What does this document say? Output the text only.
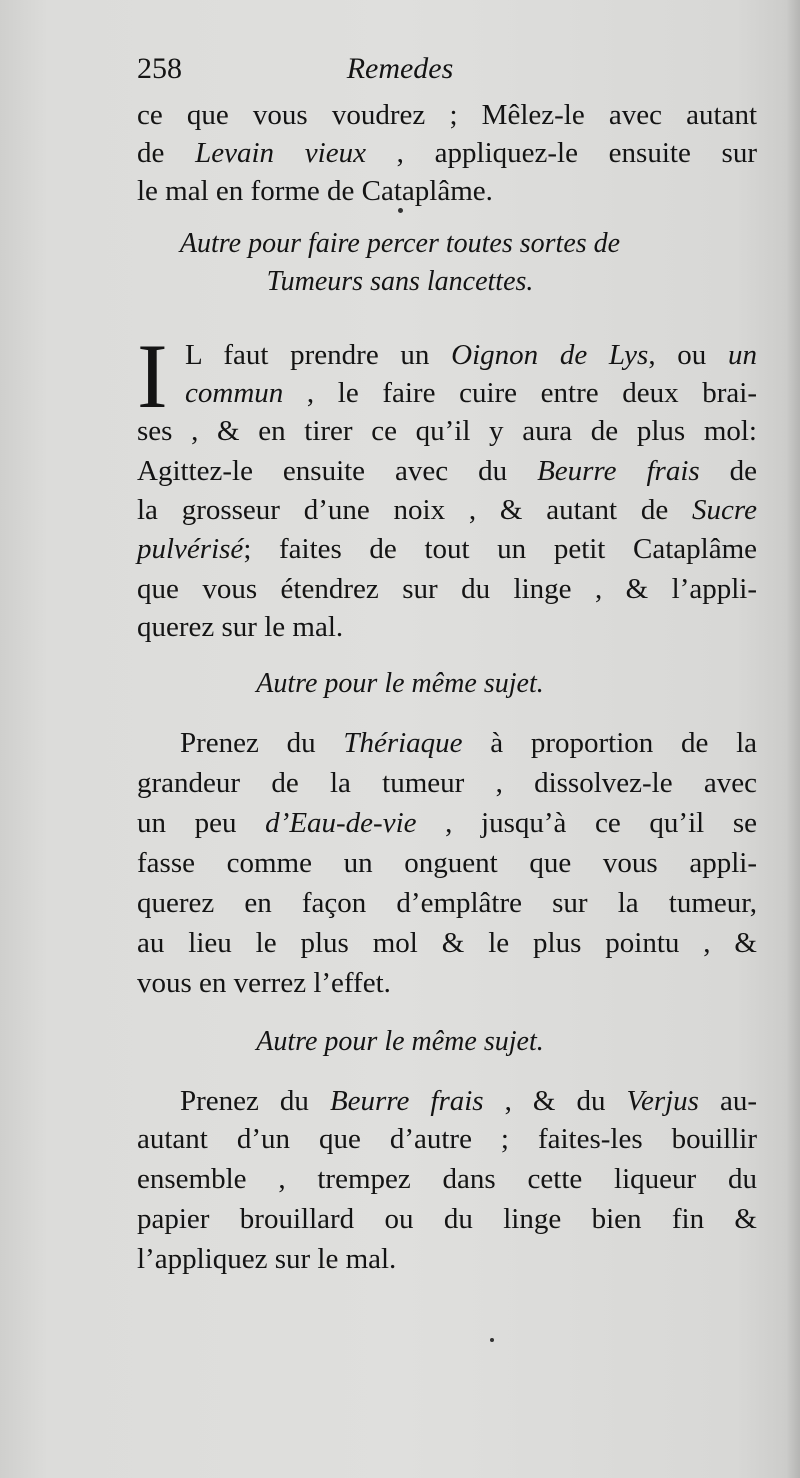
258	Remedes
ce que vous voudrez ; Mêlez-le avec autant
de Levain vieux , appliquez-le ensuite sur
le mal en forme de Cataplâme.
Autre pour faire percer toutes sortes de
Tumeurs sans lancettes.
I L faut prendre un Oignon de Lys, ou un
commun , le faire cuire entre deux brai-
ses , & en tirer ce qu’il y aura de plus mol:
Agittez-le ensuite avec du Beurre frais de
la grosseur d’une noix , & autant de Sucre
pulvérisé; faites de tout un petit Cataplâme
que vous étendrez sur du linge , & l’appli-
querez sur le mal.
Autre pour le même sujet.
Prenez du Thériaque à proportion de la
grandeur de la tumeur , dissolvez-le avec
un peu d’Eau-de-vie , jusqu’à ce qu’il se
fasse comme un onguent que vous appli-
querez en façon d’emplâtre sur la tumeur,
au lieu le plus mol & le plus pointu , &
vous en verrez l’effet.
Autre pour le même sujet.
Prenez du Beurre frais , & du Verjus au-
autant d’un que d’autre ; faites-les bouillir
ensemble , trempez dans cette liqueur du
papier brouillard ou du linge bien fin &
l’appliquez sur le mal.
